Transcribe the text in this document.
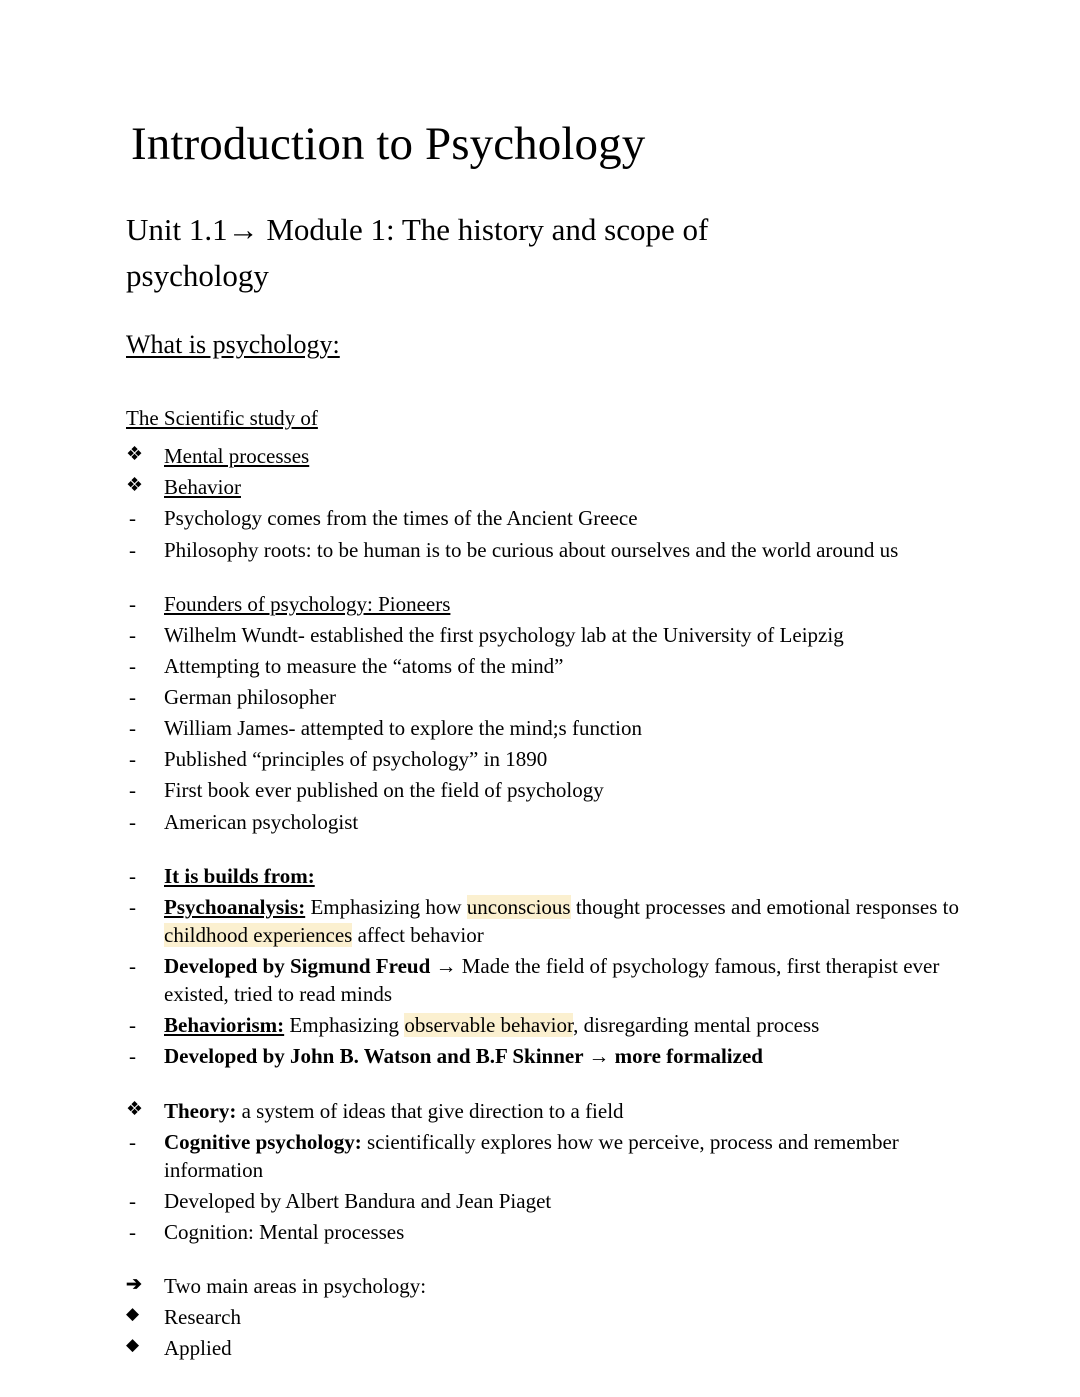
Introduction to Psychology
Unit 1.1→ Module 1: The history and scope of psychology
What is psychology:
The Scientific study of
❖ Mental processes
❖ Behavior
-	Psychology comes from the times of the Ancient Greece
-	Philosophy roots: to be human is to be curious about ourselves and the world around us
-	Founders of psychology: Pioneers
-	Wilhelm Wundt- established the first psychology lab at the University of Leipzig
-	Attempting to measure the “atoms of the mind”
-	German philosopher
-	William James- attempted to explore the mind;s function
-	Published “principles of psychology” in 1890
-	First book ever published on the field of psychology
-	American psychologist
-	It is builds from:
-	Psychoanalysis: Emphasizing how unconscious thought processes and emotional responses to childhood experiences affect behavior
-	Developed by Sigmund Freud → Made the field of psychology famous, first therapist ever existed, tried to read minds
-	Behaviorism: Emphasizing observable behavior, disregarding mental process
-	Developed by John B. Watson and B.F Skinner → more formalized
❖ Theory: a system of ideas that give direction to a field
-	Cognitive psychology: scientifically explores how we perceive, process and remember information
-	Developed by Albert Bandura and Jean Piaget
-	Cognition: Mental processes
➔	Two main areas in psychology:
◆	Research
◆	Applied
